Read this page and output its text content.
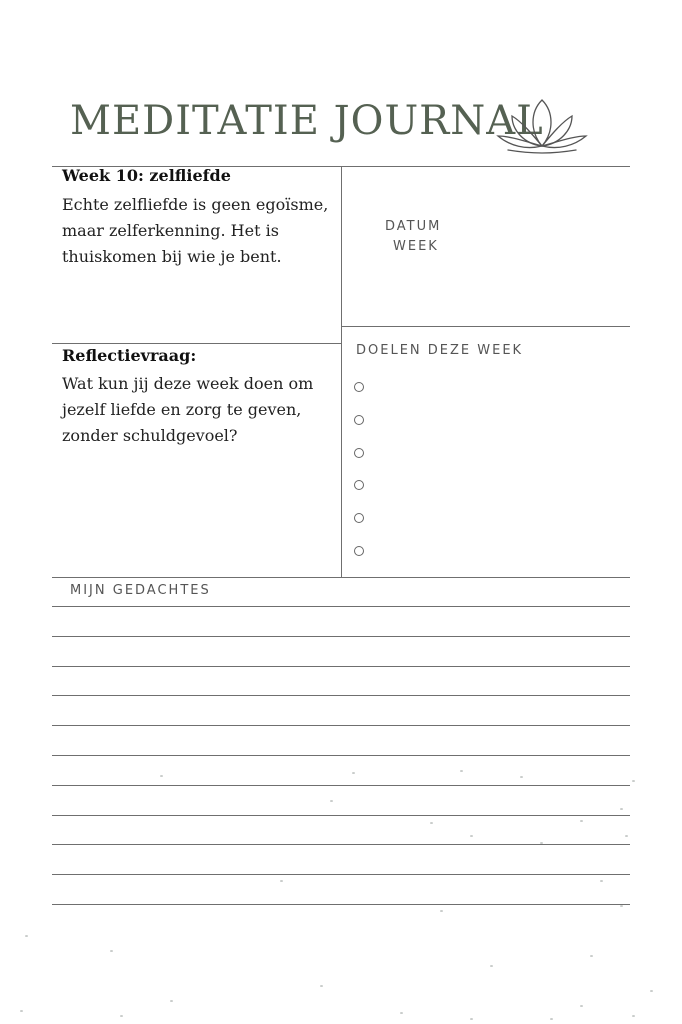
MEDITATIE JOURNAL
Week 10: zelfliefde
Echte zelfliefde is geen egoïsme, maar zelferkenning. Het is thuiskomen bij wie je bent.
Reflectievraag:
Wat kun jij deze week doen om jezelf liefde en zorg te geven, zonder schuldgevoel?
DATUM
WEEK
DOELEN DEZE WEEK
MIJN GEDACHTES
